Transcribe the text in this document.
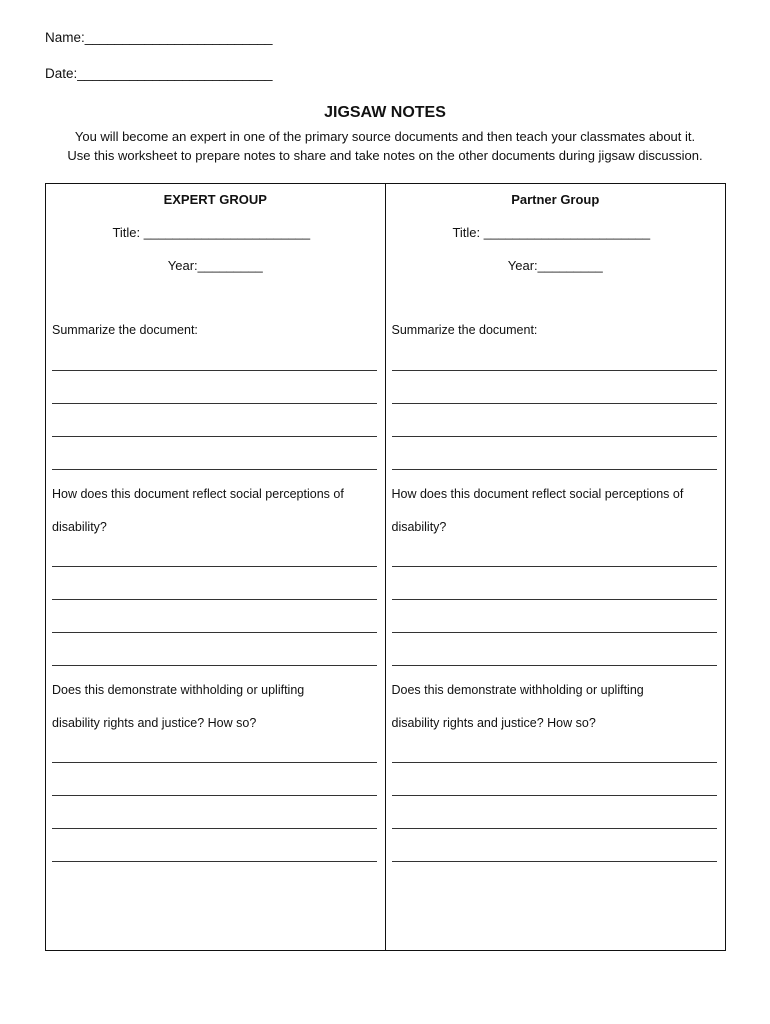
Name:_________________________
Date:__________________________
JIGSAW NOTES
You will become an expert in one of the primary source documents and then teach your classmates about it.
Use this worksheet to prepare notes to share and take notes on the other documents during jigsaw discussion.
EXPERT GROUP
Title: _______________________
Year:_________
Summarize the document:
How does this document reflect social perceptions of
disability?
Does this demonstrate withholding or uplifting
disability rights and justice? How so?
Partner Group
Title: _______________________
Year:_________
Summarize the document:
How does this document reflect social perceptions of
disability?
Does this demonstrate withholding or uplifting
disability rights and justice? How so?
